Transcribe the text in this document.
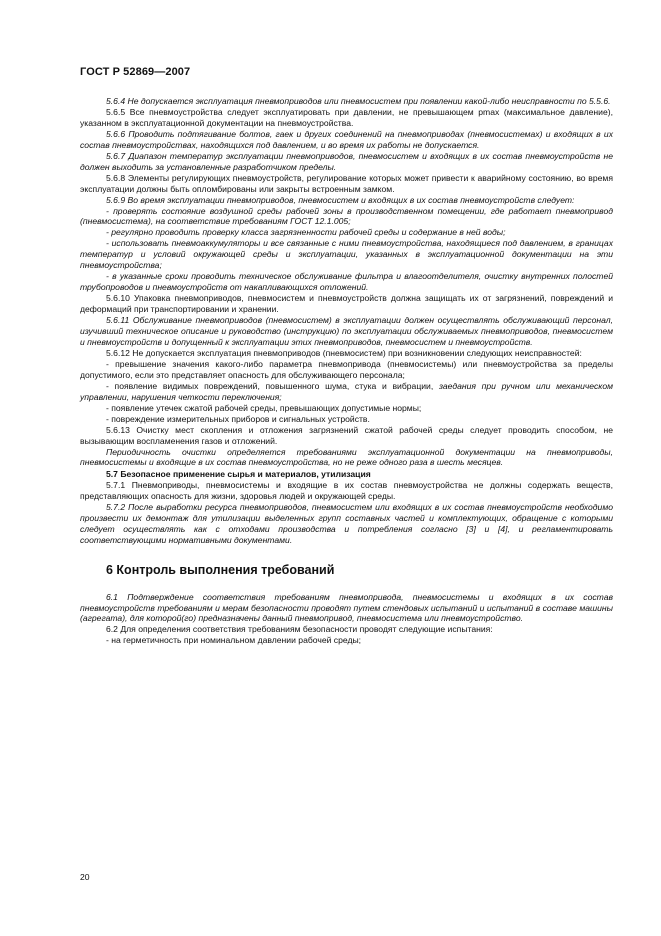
ГОСТ Р 52869—2007

5.6.4 Не допускается эксплуатация пневмоприводов или пневмосистем при появлении какой-либо неисправности по 5.5.6.

5.6.5 Все пневмоустройства следует эксплуатировать при давлении, не превышающем pmax (максимальное давление), указанном в эксплуатационной документации на пневмоустройства.

5.6.6 Проводить подтягивание болтов, гаек и других соединений на пневмоприводах (пневмосистемах) и входящих в их состав пневмоустройствах, находящихся под давлением, и во время их работы не допускается.

5.6.7 Диапазон температур эксплуатации пневмоприводов, пневмосистем и входящих в их состав пневмоустройств не должен выходить за установленные разработчиком пределы.

5.6.8 Элементы регулирующих пневмоустройств, регулирование которых может привести к аварийному состоянию, во время эксплуатации должны быть опломбированы или закрыты встроенным замком.

5.6.9 Во время эксплуатации пневмоприводов, пневмосистем и входящих в их состав пневмоустройств следует:

- проверять состояние воздушной среды рабочей зоны в производственном помещении, где работает пневмопривод (пневмосистема), на соответствие требованиям ГОСТ 12.1.005;

- регулярно проводить проверку класса загрязненности рабочей среды и содержание в ней воды;

- использовать пневмоаккумуляторы и все связанные с ними пневмоустройства, находящиеся под давлением, в границах температур и условий окружающей среды и эксплуатации, указанных в эксплуатационной документации на эти пневмоустройства;

- в указанные сроки проводить техническое обслуживание фильтра и влагоотделителя, очистку внутренних полостей трубопроводов и пневмоустройств от накапливающихся отложений.

5.6.10 Упаковка пневмоприводов, пневмосистем и пневмоустройств должна защищать их от загрязнений, повреждений и деформаций при транспортировании и хранении.

5.6.11 Обслуживание пневмоприводов (пневмосистем) в эксплуатации должен осуществлять обслуживающий персонал, изучивший техническое описание и руководство (инструкцию) по эксплуатации обслуживаемых пневмоприводов, пневмосистем и пневмоустройств и допущенный к эксплуатации этих пневмоприводов, пневмосистем и пневмоустройств.

5.6.12 Не допускается эксплуатация пневмоприводов (пневмосистем) при возникновении следующих неисправностей:

- превышение значения какого-либо параметра пневмопривода (пневмосистемы) или пневмоустройства за пределы допустимого, если это представляет опасность для обслуживающего персонала;

- появление видимых повреждений, повышенного шума, стука и вибрации, заедания при ручном или механическом управлении, нарушения четкости переключения;

- появление утечек сжатой рабочей среды, превышающих допустимые нормы;

- повреждение измерительных приборов и сигнальных устройств.

5.6.13 Очистку мест скопления и отложения загрязнений сжатой рабочей среды следует проводить способом, не вызывающим воспламенения газов и отложений.

Периодичность очистки определяется требованиями эксплуатационной документации на пневмоприводы, пневмосистемы и входящие в их состав пневмоустройства, но не реже одного раза в шесть месяцев.

5.7 Безопасное применение сырья и материалов, утилизация

5.7.1 Пневмоприводы, пневмосистемы и входящие в их состав пневмоустройства не должны содержать веществ, представляющих опасность для жизни, здоровья людей и окружающей среды.

5.7.2 После выработки ресурса пневмоприводов, пневмосистем или входящих в их состав пневмоустройств необходимо произвести их демонтаж для утилизации выделенных групп составных частей и комплектующих, обращение с которыми следует осуществлять как с отходами производства и потребления согласно [3] и [4], и регламентировать соответствующими нормативными документами.

6 Контроль выполнения требований

6.1 Подтверждение соответствия требованиям пневмопривода, пневмосистемы и входящих в их состав пневмоустройств требованиям и мерам безопасности проводят путем стендовых испытаний и испытаний в составе машины (агрегата), для которой(го) предназначены данный пневмопривод, пневмосистема или пневмоустройство.

6.2 Для определения соответствия требованиям безопасности проводят следующие испытания:

- на герметичность при номинальном давлении рабочей среды;

20
